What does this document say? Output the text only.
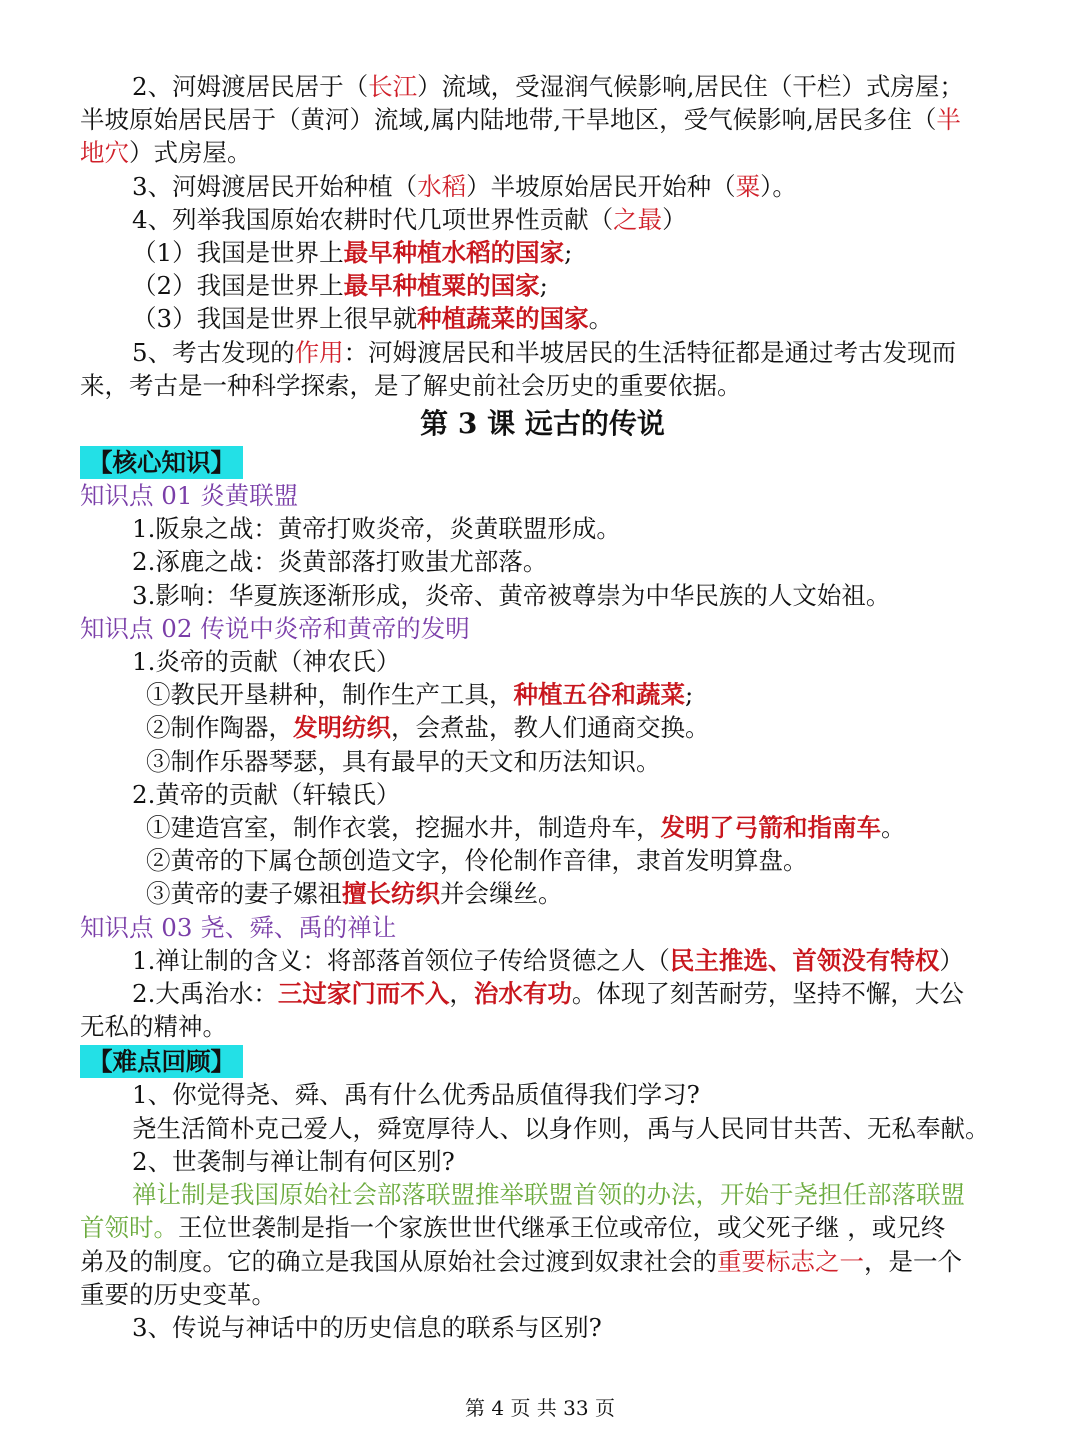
2、河姆渡居民居于（长江）流域，受湿润气候影响,居民住（干栏）式房屋；
半坡原始居民居于（黄河）流域,属内陆地带,干旱地区，受气候影响,居民多住（半
地穴）式房屋。
3、河姆渡居民开始种植（水稻）半坡原始居民开始种（粟）。
4、列举我国原始农耕时代几项世界性贡献（之最）
（1）我国是世界上最早种植水稻的国家;
（2）我国是世界上最早种植粟的国家;
（3）我国是世界上很早就种植蔬菜的国家。
5、考古发现的作用：河姆渡居民和半坡居民的生活特征都是通过考古发现而
来，考古是一种科学探索，是了解史前社会历史的重要依据。
第 3 课 远古的传说
【核心知识】
知识点 01 炎黄联盟
1.阪泉之战：黄帝打败炎帝，炎黄联盟形成。
2.涿鹿之战：炎黄部落打败蚩尤部落。
3.影响：华夏族逐渐形成，炎帝、黄帝被尊崇为中华民族的人文始祖。
知识点 02 传说中炎帝和黄帝的发明
1.炎帝的贡献（神农氏）
①教民开垦耕种，制作生产工具，种植五谷和蔬菜;
②制作陶器，发明纺织，会煮盐，教人们通商交换。
③制作乐器琴瑟，具有最早的天文和历法知识。
2.黄帝的贡献（轩辕氏）
①建造宫室，制作衣裳，挖掘水井，制造舟车，发明了弓箭和指南车。
②黄帝的下属仓颉创造文字，伶伦制作音律，隶首发明算盘。
③黄帝的妻子嫘祖擅长纺织并会缫丝。
知识点 03 尧、舜、禹的禅让
1.禅让制的含义：将部落首领位子传给贤德之人（民主推选、首领没有特权）
2.大禹治水：三过家门而不入，治水有功。体现了刻苦耐劳，坚持不懈，大公
无私的精神。
【难点回顾】
1、你觉得尧、舜、禹有什么优秀品质值得我们学习?
尧生活简朴克己爱人，舜宽厚待人、以身作则，禹与人民同甘共苦、无私奉献。
2、世袭制与禅让制有何区别?
禅让制是我国原始社会部落联盟推举联盟首领的办法，开始于尧担任部落联盟
首领时。王位世袭制是指一个家族世世代继承王位或帝位，或父死子继 ，或兄终
弟及的制度。它的确立是我国从原始社会过渡到奴隶社会的重要标志之一，是一个
重要的历史变革。
3、传说与神话中的历史信息的联系与区别?
第 4 页 共 33 页
